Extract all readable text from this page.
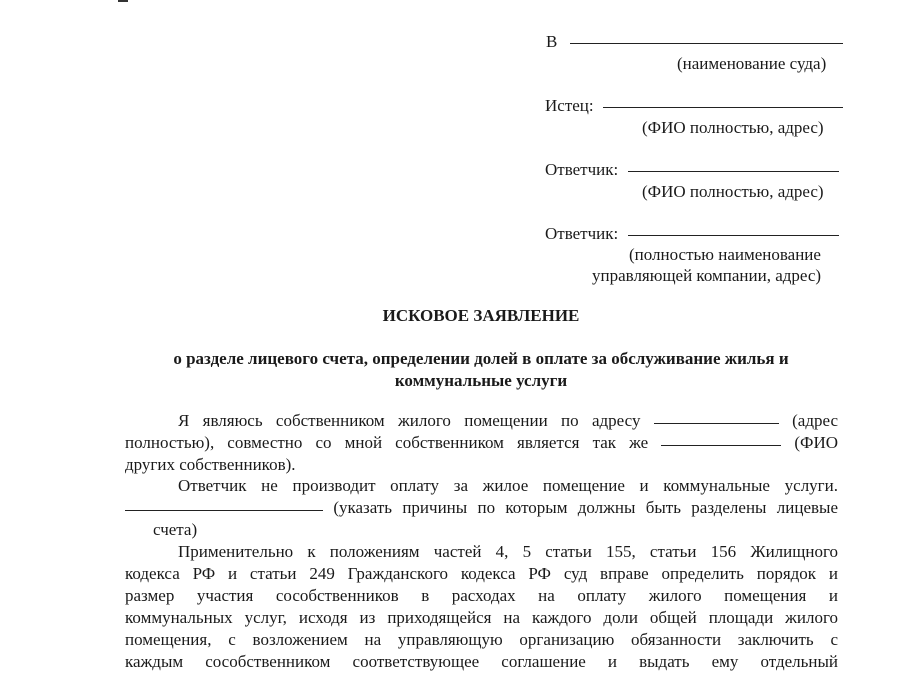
В
(наименование суда)
Истец:
(ФИО полностью, адрес)
Ответчик:
(ФИО полностью, адрес)
Ответчик:
(полностью наименование
управляющей компании, адрес)
ИСКОВОЕ ЗАЯВЛЕНИЕ
о разделе лицевого счета, определении долей в оплате за обслуживание жилья и
коммунальные услуги
Я являюсь собственником жилого помещении по адресу	(адрес
полностью), совместно со мной собственником является так же	(ФИО
других собственников).
Ответчик не производит оплату за жилое помещение и коммунальные услуги.
(указать причины по которым должны быть разделены лицевые
счета)
Применительно к положениям частей 4, 5 статьи 155, статьи 156 Жилищного
кодекса РФ и статьи 249 Гражданского кодекса РФ суд вправе определить порядок и
размер участия сособственников в расходах на оплату жилого помещения и
коммунальных услуг, исходя из приходящейся на каждого доли общей площади жилого
помещения, с возложением на управляющую организацию обязанности заключить с
каждым сособственником соответствующее соглашение и выдать ему отдельный
